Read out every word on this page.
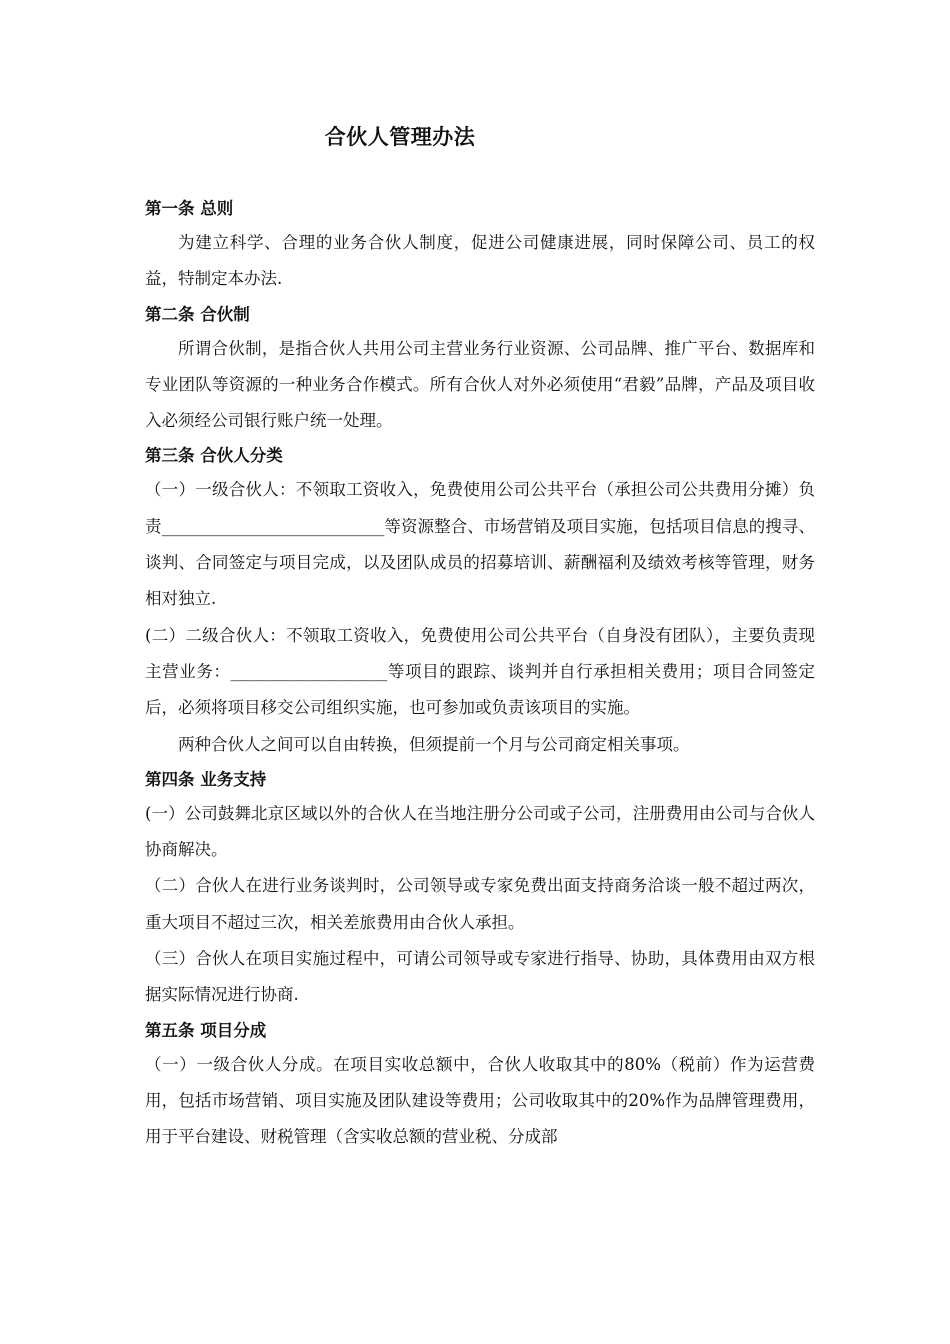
合伙人管理办法

第一条 总则

为建立科学、合理的业务合伙人制度，促进公司健康进展，同时保障公司、员工的权益，特制定本办法.

第二条 合伙制

所谓合伙制，是指合伙人共用公司主营业务行业资源、公司品牌、推广平台、数据库和专业团队等资源的一种业务合作模式。所有合伙人对外必须使用“君毅”品牌，产品及项目收入必须经公司银行账户统一处理。

第三条 合伙人分类

（一）一级合伙人：不领取工资收入，免费使用公司公共平台（承担公司公共费用分摊）负责___________________________等资源整合、市场营销及项目实施，包括项目信息的搜寻、谈判、合同签定与项目完成，以及团队成员的招募培训、薪酬福利及绩效考核等管理，财务相对独立.

(二）二级合伙人：不领取工资收入，免费使用公司公共平台（自身没有团队），主要负责现主营业务：___________________等项目的跟踪、谈判并自行承担相关费用；项目合同签定后，必须将项目移交公司组织实施，也可参加或负责该项目的实施。

两种合伙人之间可以自由转换，但须提前一个月与公司商定相关事项。

第四条 业务支持

(一）公司鼓舞北京区域以外的合伙人在当地注册分公司或子公司，注册费用由公司与合伙人协商解决。

（二）合伙人在进行业务谈判时，公司领导或专家免费出面支持商务洽谈一般不超过两次，重大项目不超过三次，相关差旅费用由合伙人承担。

（三）合伙人在项目实施过程中，可请公司领导或专家进行指导、协助，具体费用由双方根据实际情况进行协商.

第五条 项目分成

（一）一级合伙人分成。在项目实收总额中，合伙人收取其中的80%（税前）作为运营费用，包括市场营销、项目实施及团队建设等费用；公司收取其中的20%作为品牌管理费用，用于平台建设、财税管理（含实收总额的营业税、分成部
